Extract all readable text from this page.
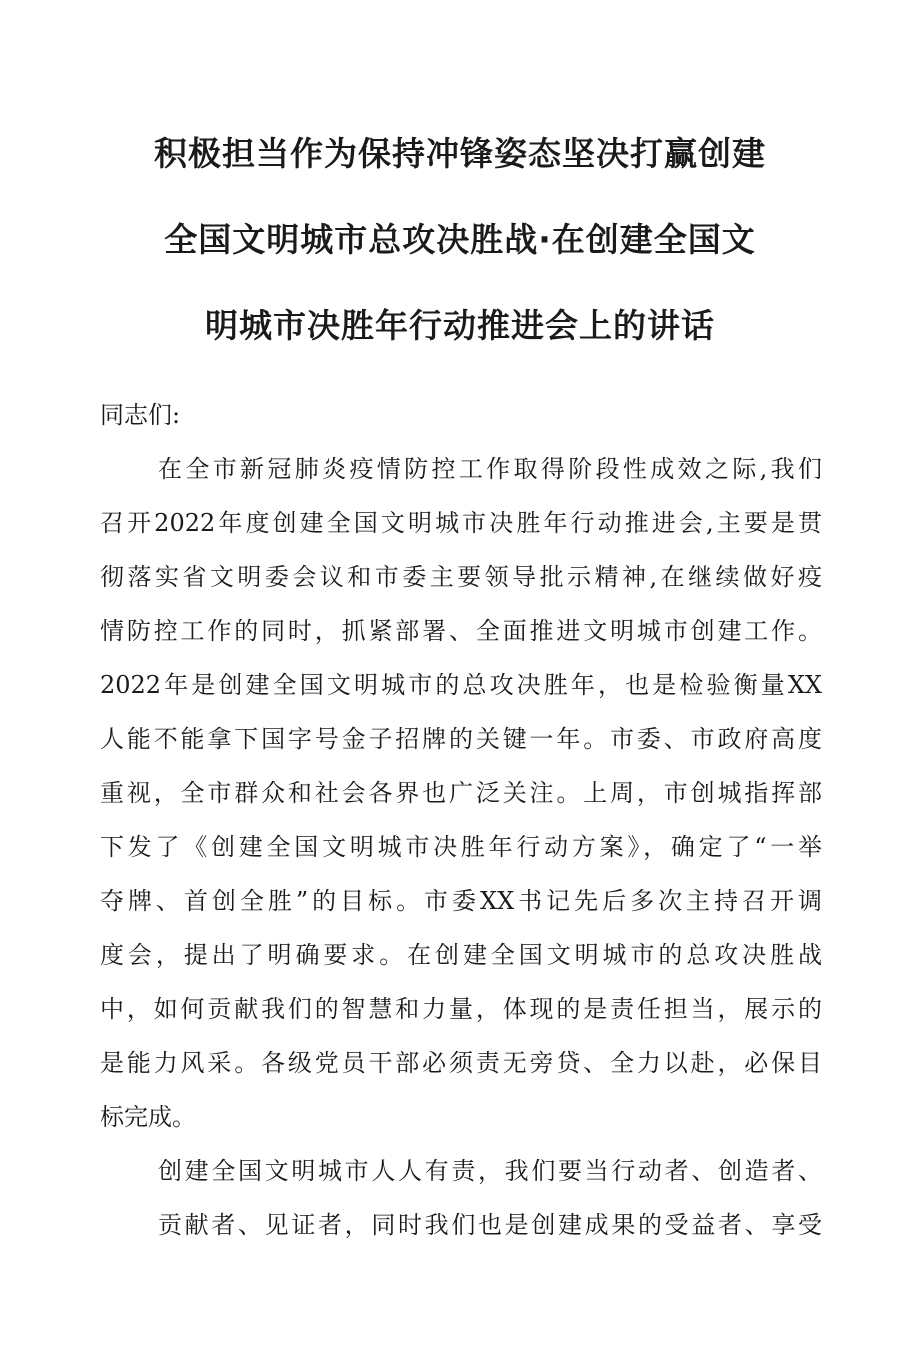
积极担当作为保持冲锋姿态坚决打赢创建
全国文明城市总攻决胜战·在创建全国文
明城市决胜年行动推进会上的讲话
同志们:
在全市新冠肺炎疫情防控工作取得阶段性成效之际,我们
召开2022年度创建全国文明城市决胜年行动推进会,主要是贯
彻落实省文明委会议和市委主要领导批示精神,在继续做好疫
情防控工作的同时，抓紧部署、全面推进文明城市创建工作。
2022年是创建全国文明城市的总攻决胜年，也是检验衡量XX
人能不能拿下国字号金子招牌的关键一年。市委、市政府高度
重视，全市群众和社会各界也广泛关注。上周，市创城指挥部
下发了《创建全国文明城市决胜年行动方案》，确定了“一举
夺牌、首创全胜”的目标。市委XX书记先后多次主持召开调
度会，提出了明确要求。在创建全国文明城市的总攻决胜战
中，如何贡献我们的智慧和力量，体现的是责任担当，展示的
是能力风采。各级党员干部必须责无旁贷、全力以赴，必保目
标完成。
创建全国文明城市人人有责，我们要当行动者、创造者、
贡献者、见证者，同时我们也是创建成果的受益者、享受
